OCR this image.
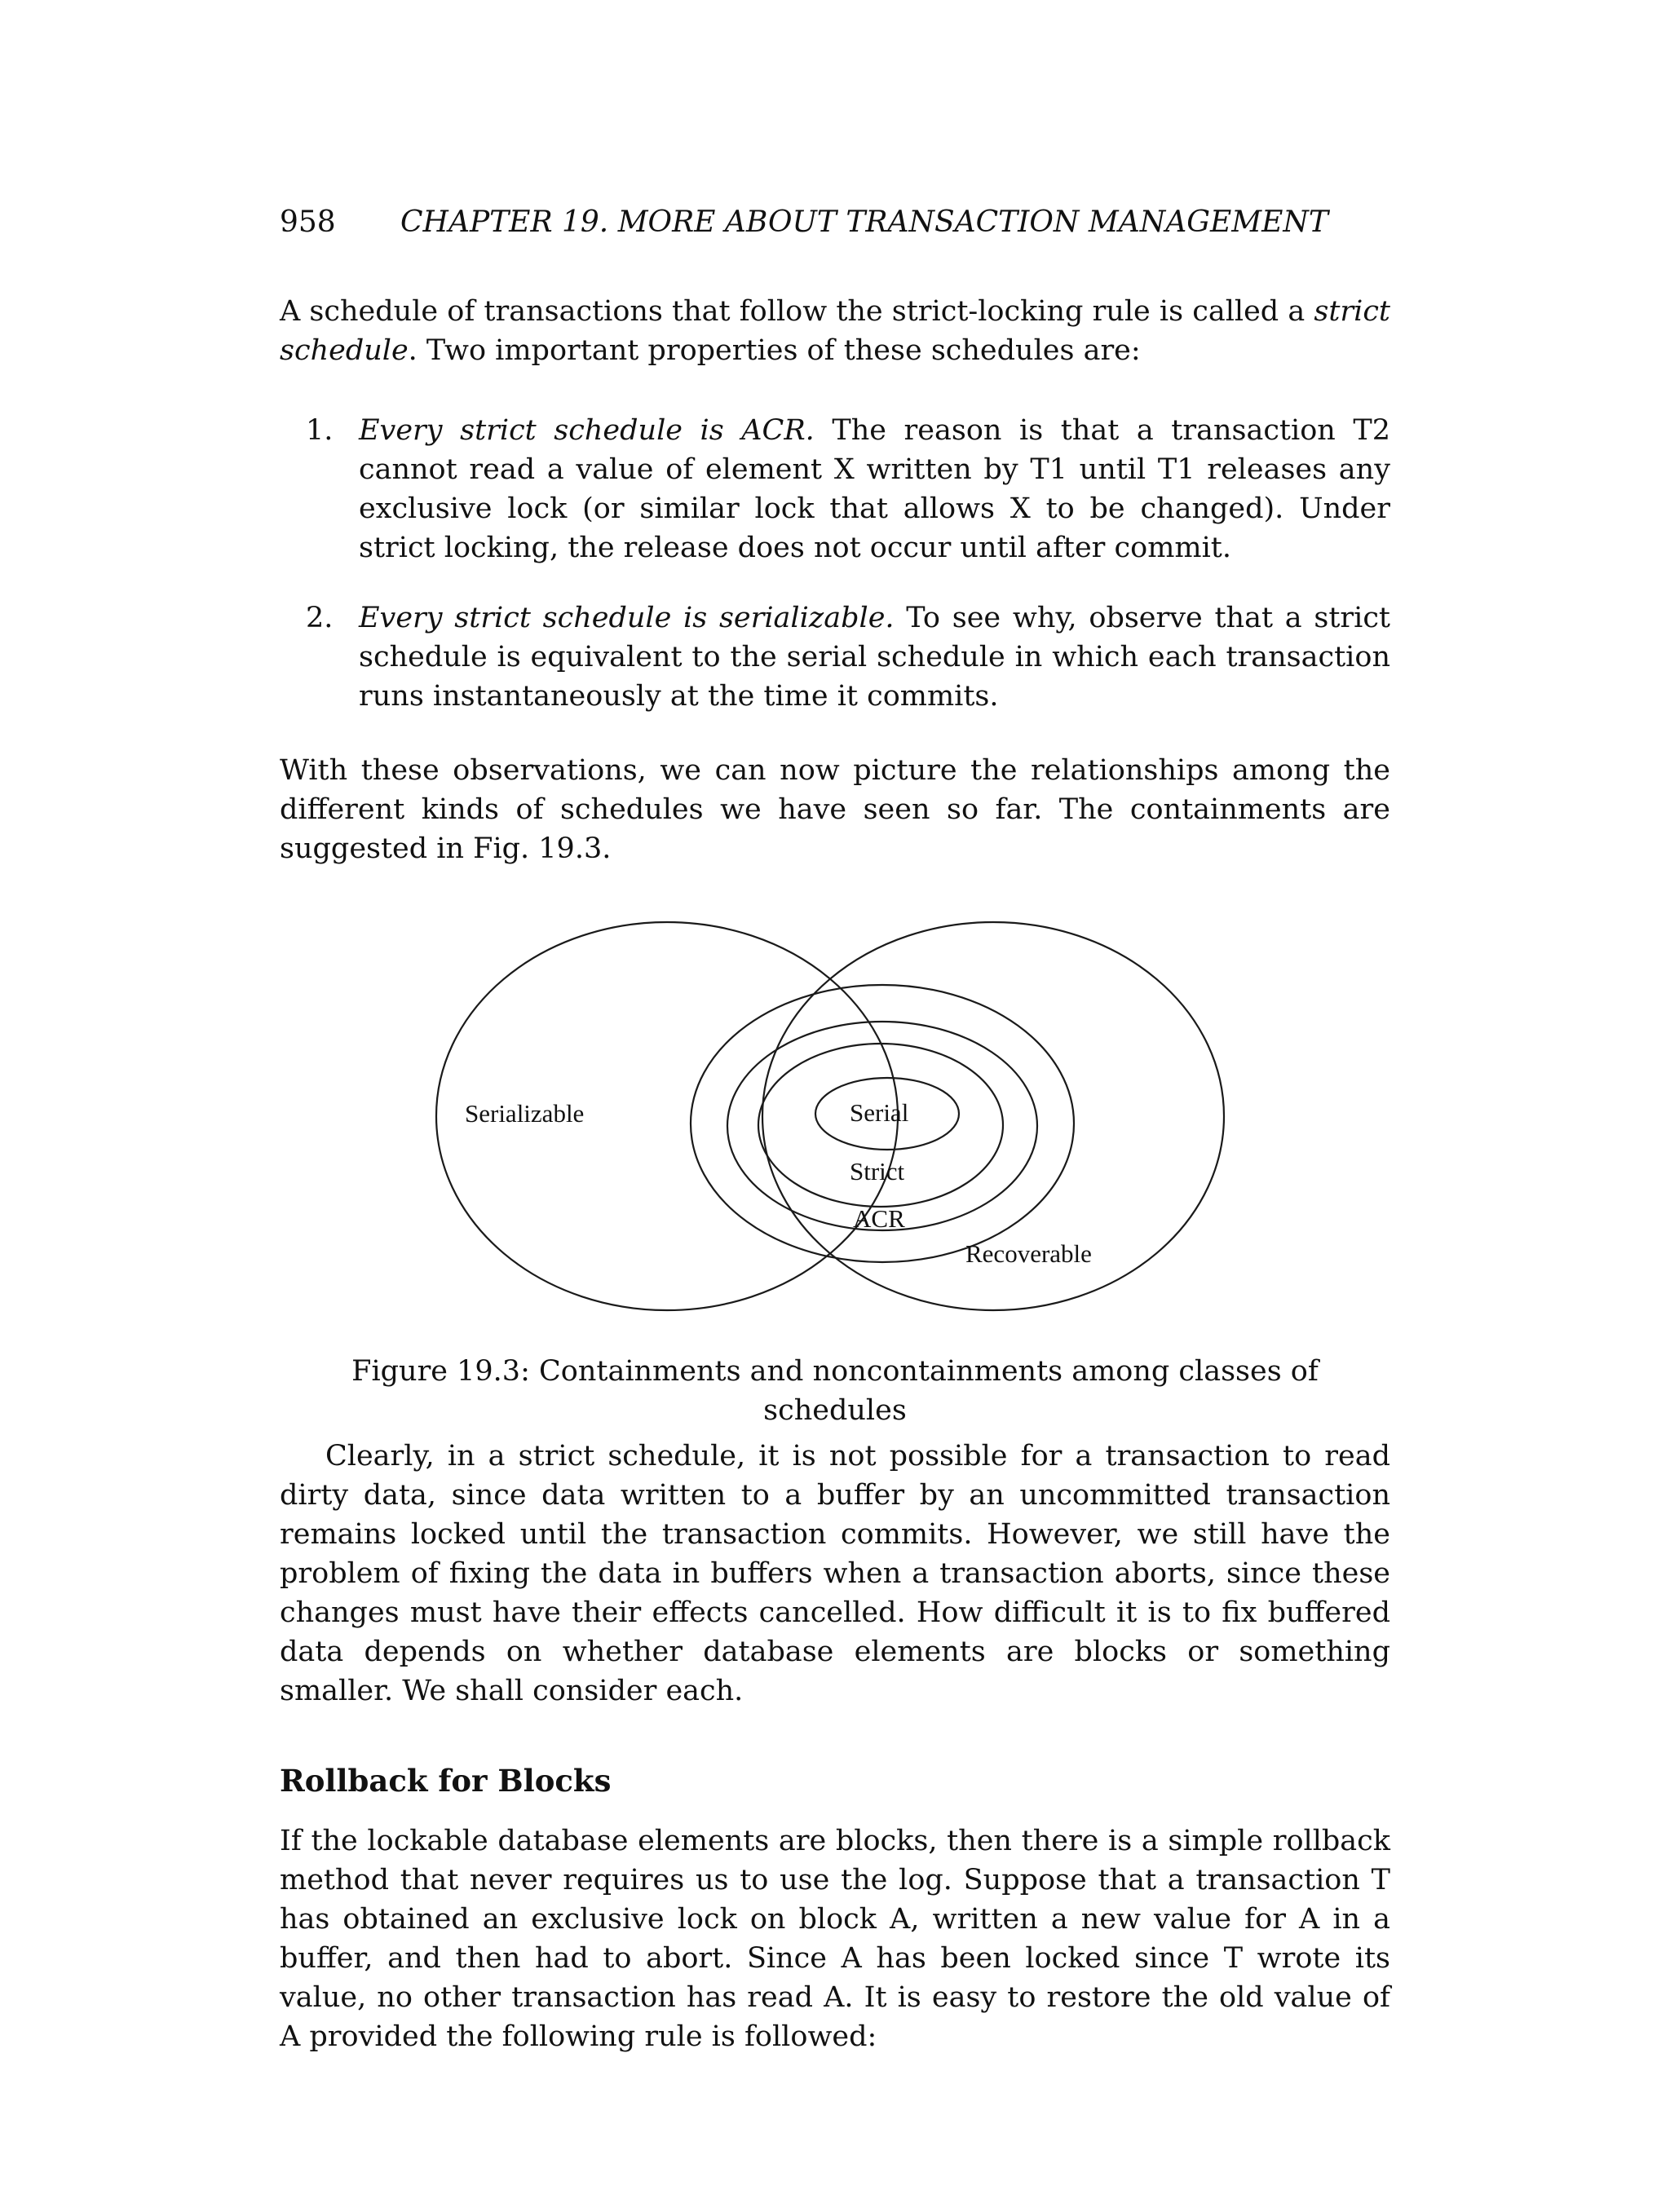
958 CHAPTER 19. MORE ABOUT TRANSACTION MANAGEMENT
A schedule of transactions that follow the strict-locking rule is called a strict schedule. Two important properties of these schedules are:
1. Every strict schedule is ACR. The reason is that a transaction T2 cannot read a value of element X written by T1 until T1 releases any exclusive lock (or similar lock that allows X to be changed). Under strict locking, the release does not occur until after commit.
2. Every strict schedule is serializable. To see why, observe that a strict schedule is equivalent to the serial schedule in which each transaction runs instantaneously at the time it commits.
With these observations, we can now picture the relationships among the different kinds of schedules we have seen so far. The containments are suggested in Fig. 19.3.
Serializable	Serial
Strict
ACR
Recoverable
Figure 19.3: Containments and noncontainments among classes of schedules
Clearly, in a strict schedule, it is not possible for a transaction to read dirty data, since data written to a buffer by an uncommitted transaction remains locked until the transaction commits. However, we still have the problem of fixing the data in buffers when a transaction aborts, since these changes must have their effects cancelled. How difficult it is to fix buffered data depends on whether database elements are blocks or something smaller. We shall consider each.
Rollback for Blocks
If the lockable database elements are blocks, then there is a simple rollback method that never requires us to use the log. Suppose that a transaction T has obtained an exclusive lock on block A, written a new value for A in a buffer, and then had to abort. Since A has been locked since T wrote its value, no other transaction has read A. It is easy to restore the old value of A provided the following rule is followed:
